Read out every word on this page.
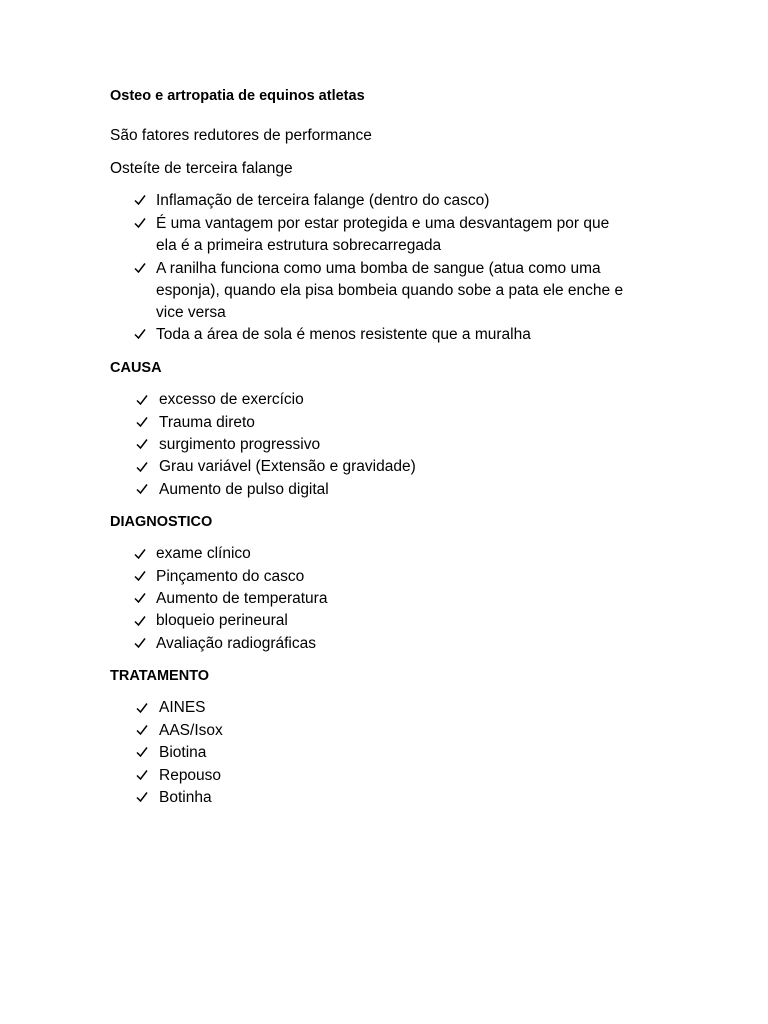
Osteo e artropatia de equinos atletas
São fatores redutores de performance
Osteíte de terceira falange
Inflamação de terceira falange (dentro do casco)
É uma vantagem por estar protegida e uma desvantagem por que
ela é a primeira estrutura sobrecarregada
A ranilha funciona como uma bomba de sangue (atua como uma
esponja), quando ela pisa bombeia quando sobe a pata ele enche e
vice versa
Toda a área de sola é menos resistente que a muralha
CAUSA
excesso de exercício
Trauma direto
surgimento progressivo
Grau variável (Extensão e gravidade)
Aumento de pulso digital
DIAGNOSTICO
exame clínico
Pinçamento do casco
Aumento de temperatura
bloqueio perineural
Avaliação radiográficas
TRATAMENTO
AINES
AAS/Isox
Biotina
Repouso
Botinha
